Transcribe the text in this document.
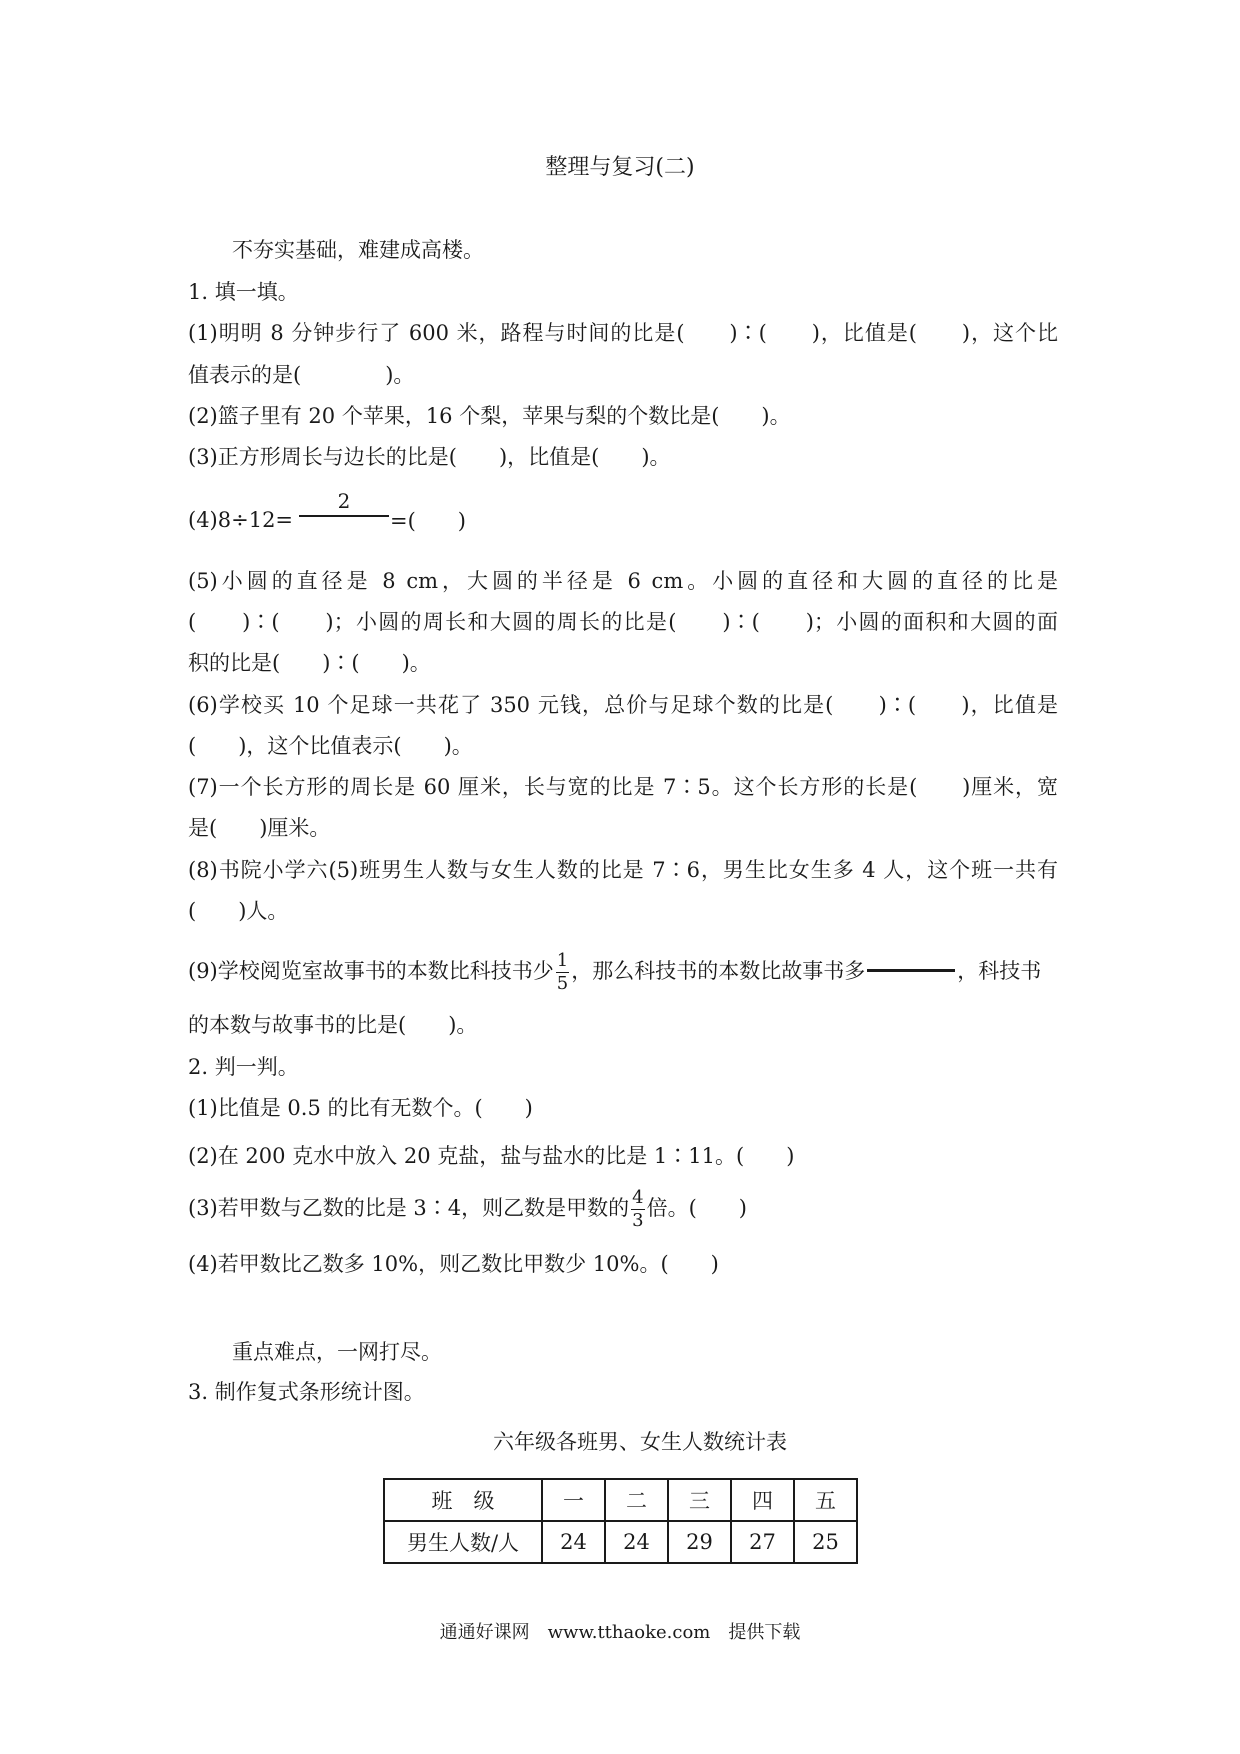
整理与复习(二)
不夯实基础，难建成高楼。
1. 填一填。
(1)明明 8 分钟步行了 600 米，路程与时间的比是(　　)∶(　　)，比值是(　　)，这个比
值表示的是(　　　　)。
(2)篮子里有 20 个苹果，16 个梨，苹果与梨的个数比是(　　)。
(3)正方形周长与边长的比是(　　)，比值是(　　)。
(4)8÷12=
2
=(　　)
(5)小圆的直径是 8 cm，大圆的半径是 6 cm。小圆的直径和大圆的直径的比是
(　　)∶(　　)；小圆的周长和大圆的周长的比是(　　)∶(　　)；小圆的面积和大圆的面
积的比是(　　)∶(　　)。
(6)学校买 10 个足球一共花了 350 元钱，总价与足球个数的比是(　　)∶(　　)，比值是
(　　)，这个比值表示(　　)。
(7)一个长方形的周长是 60 厘米，长与宽的比是 7∶5。这个长方形的长是(　　)厘米，宽
是(　　)厘米。
(8)书院小学六(5)班男生人数与女生人数的比是 7∶6，男生比女生多 4 人，这个班一共有
(　　)人。
(9)学校阅览室故事书的本数比科技书少 $\frac{1}{5}$ ，那么科技书的本数比故事书多	，科技书
的本数与故事书的比是(　　)。
2. 判一判。
(1)比值是 0.5 的比有无数个。(　　)
(2)在 200 克水中放入 20 克盐，盐与盐水的比是 1∶11。(　　)
(3)若甲数与乙数的比是 3∶4，则乙数是甲数的 $\frac{4}{3}$ 倍。(　　)
(4)若甲数比乙数多 10%，则乙数比甲数少 10%。(　　)
重点难点，一网打尽。
3. 制作复式条形统计图。
六年级各班男、女生人数统计表
班　级	一	二	三	四	五
男生人数/人	24	24	29	27	25
通通好课网　www.tthaoke.com　提供下载
